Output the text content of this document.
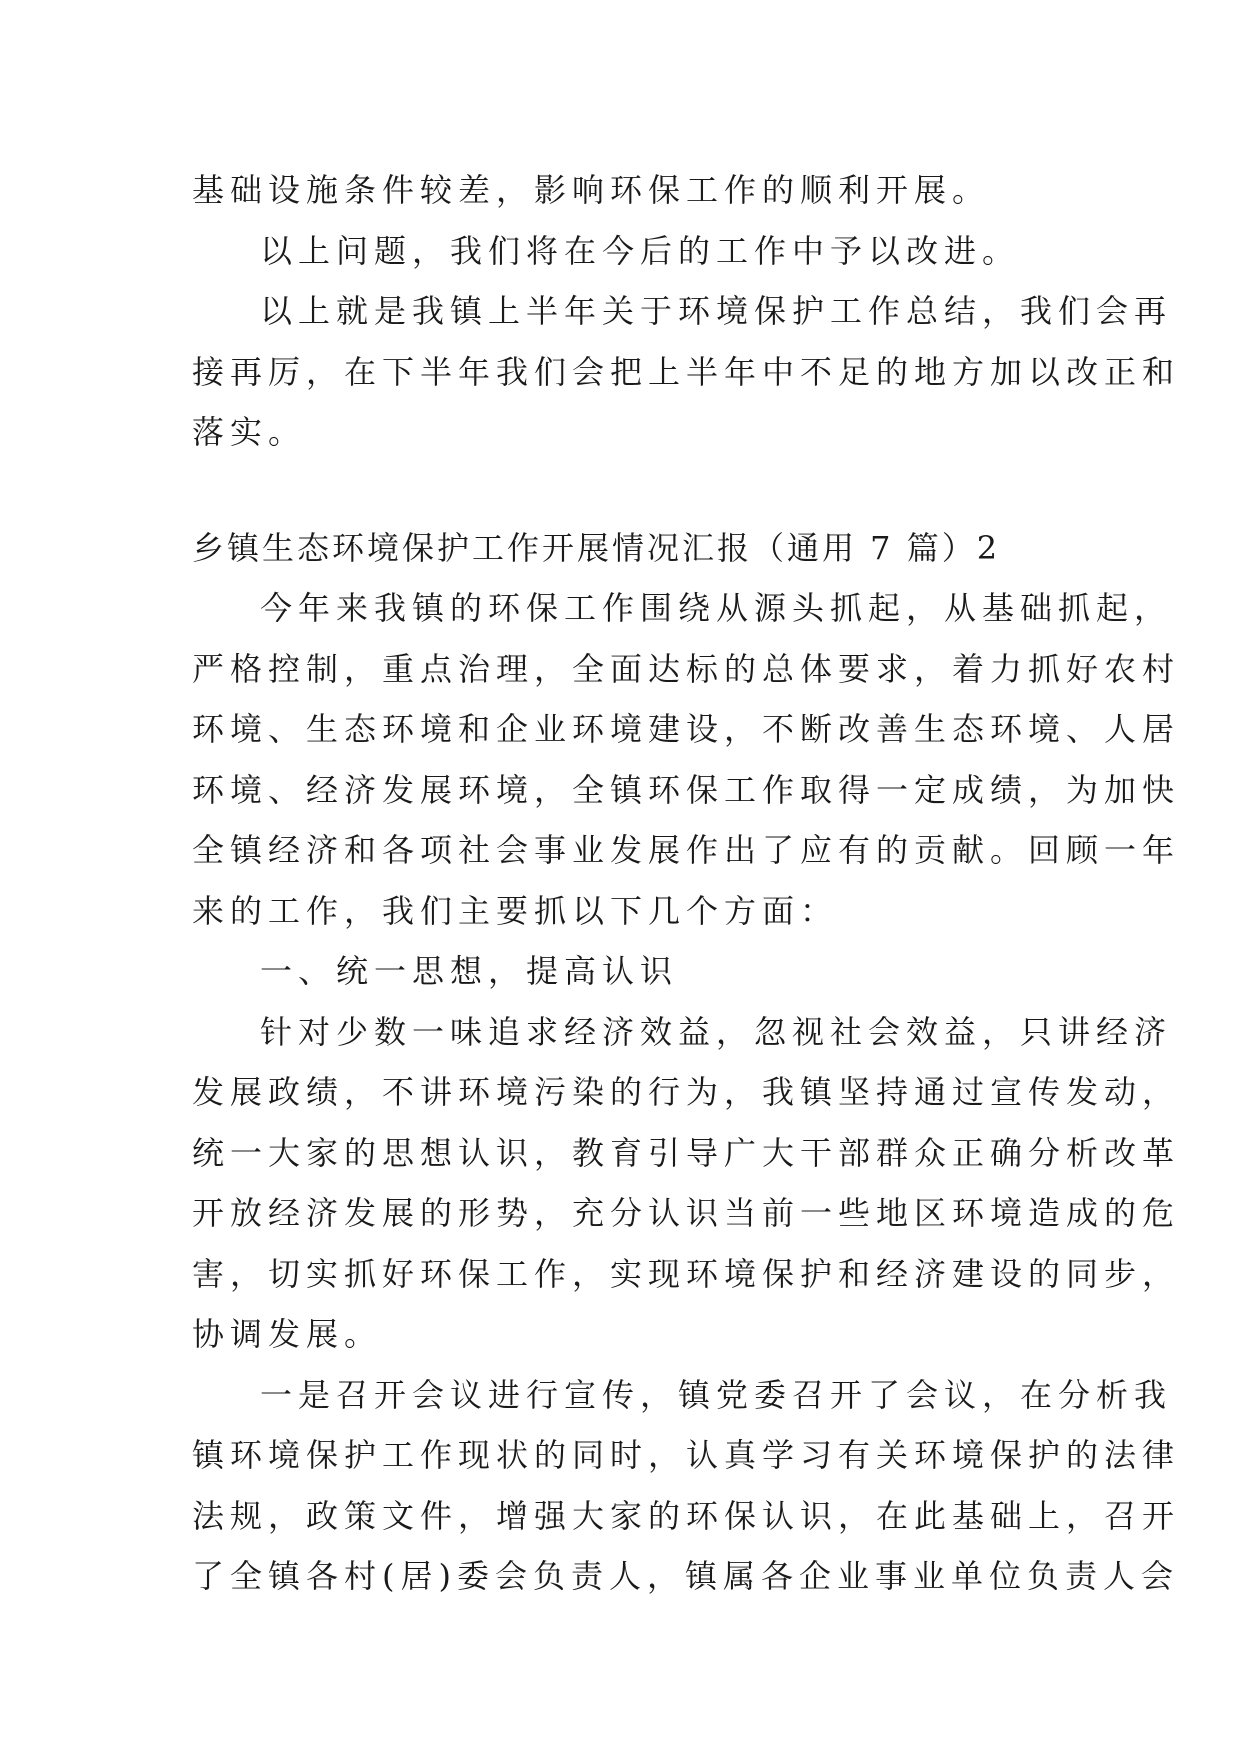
基础设施条件较差，影响环保工作的顺利开展。

以上问题，我们将在今后的工作中予以改进。

以上就是我镇上半年关于环境保护工作总结，我们会再

接再厉，在下半年我们会把上半年中不足的地方加以改正和

落实。

乡镇生态环境保护工作开展情况汇报（通用 7 篇）2

今年来我镇的环保工作围绕从源头抓起，从基础抓起，

严格控制，重点治理，全面达标的总体要求，着力抓好农村

环境、生态环境和企业环境建设，不断改善生态环境、人居

环境、经济发展环境，全镇环保工作取得一定成绩，为加快

全镇经济和各项社会事业发展作出了应有的贡献。回顾一年

来的工作，我们主要抓以下几个方面：

一、统一思想，提高认识

针对少数一味追求经济效益，忽视社会效益，只讲经济

发展政绩，不讲环境污染的行为，我镇坚持通过宣传发动，

统一大家的思想认识，教育引导广大干部群众正确分析改革

开放经济发展的形势，充分认识当前一些地区环境造成的危

害，切实抓好环保工作，实现环境保护和经济建设的同步，

协调发展。

一是召开会议进行宣传，镇党委召开了会议，在分析我

镇环境保护工作现状的同时，认真学习有关环境保护的法律

法规，政策文件，增强大家的环保认识，在此基础上，召开

了全镇各村(居)委会负责人，镇属各企业事业单位负责人会
